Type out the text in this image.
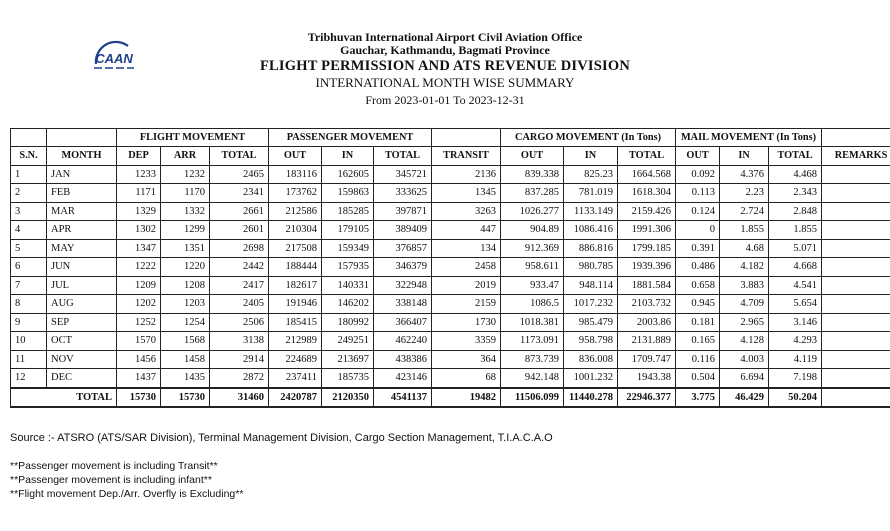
CAAN
Tribhuvan International Airport Civil Aviation Office
Gauchar, Kathmandu, Bagmati Province
FLIGHT PERMISSION AND ATS REVENUE DIVISION
INTERNATIONAL MONTH WISE SUMMARY
From 2023-01-01 To 2023-12-31
		FLIGHT MOVEMENT			PASSENGER MOVEMENT				CARGO MOVEMENT (In Tons)			MAIL MOVEMENT (In Tons)			
S.N.	MONTH	DEP	ARR	TOTAL	OUT	IN	TOTAL	TRANSIT	OUT	IN	TOTAL	OUT	IN	TOTAL	REMARKS
1	JAN	1233	1232	2465	183116	162605	345721	2136	839.338	825.23	1664.568	0.092	4.376	4.468	
2	FEB	1171	1170	2341	173762	159863	333625	1345	837.285	781.019	1618.304	0.113	2.23	2.343	
3	MAR	1329	1332	2661	212586	185285	397871	3263	1026.277	1133.149	2159.426	0.124	2.724	2.848	
4	APR	1302	1299	2601	210304	179105	389409	447	904.89	1086.416	1991.306	0	1.855	1.855	
5	MAY	1347	1351	2698	217508	159349	376857	134	912.369	886.816	1799.185	0.391	4.68	5.071	
6	JUN	1222	1220	2442	188444	157935	346379	2458	958.611	980.785	1939.396	0.486	4.182	4.668	
7	JUL	1209	1208	2417	182617	140331	322948	2019	933.47	948.114	1881.584	0.658	3.883	4.541	
8	AUG	1202	1203	2405	191946	146202	338148	2159	1086.5	1017.232	2103.732	0.945	4.709	5.654	
9	SEP	1252	1254	2506	185415	180992	366407	1730	1018.381	985.479	2003.86	0.181	2.965	3.146	
10	OCT	1570	1568	3138	212989	249251	462240	3359	1173.091	958.798	2131.889	0.165	4.128	4.293	
11	NOV	1456	1458	2914	224689	213697	438386	364	873.739	836.008	1709.747	0.116	4.003	4.119	
12	DEC	1437	1435	2872	237411	185735	423146	68	942.148	1001.232	1943.38	0.504	6.694	7.198	
TOTAL		15730	15730	31460	2420787	2120350	4541137	19482	11506.099	11440.278	22946.377	3.775	46.429	50.204	
Source :- ATSRO (ATS/SAR Division), Terminal Management Division, Cargo Section Management, T.I.A.C.A.O
**Passenger movement is including Transit**
**Passenger movement is including infant**
**Flight movement Dep./Arr. Overfly is Excluding**
